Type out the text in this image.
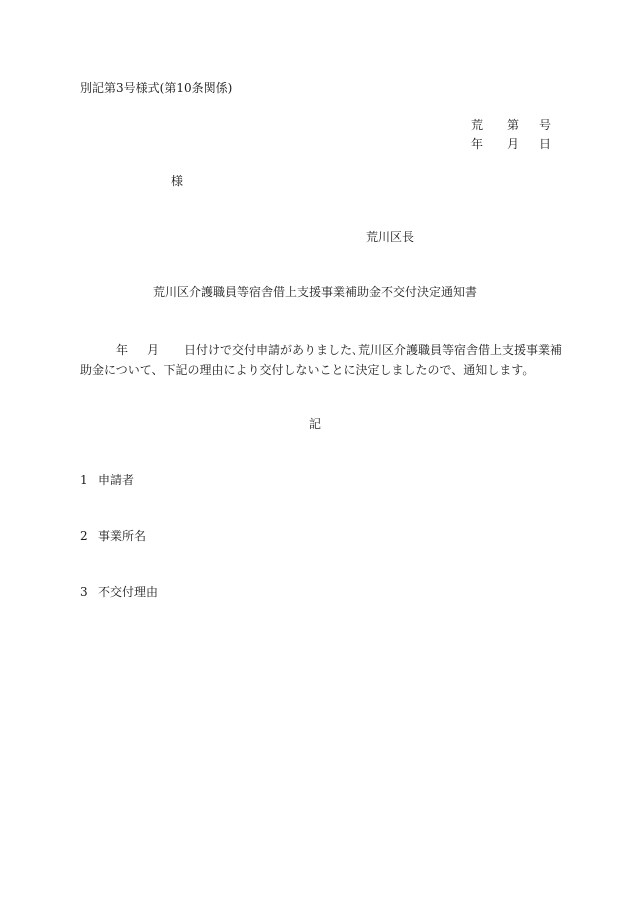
別記第3号様式(第10条関係)
荒 第 号
年 月 日
様
荒川区長
荒川区介護職員等宿舎借上支援事業補助金不交付決定通知書
年 月 日付けで交付申請がありました､荒川区介護職員等宿舎借上支援事業補
助金について、下記の理由により交付しないことに決定しましたので、通知します。
記
1 申請者
2 事業所名
3 不交付理由
